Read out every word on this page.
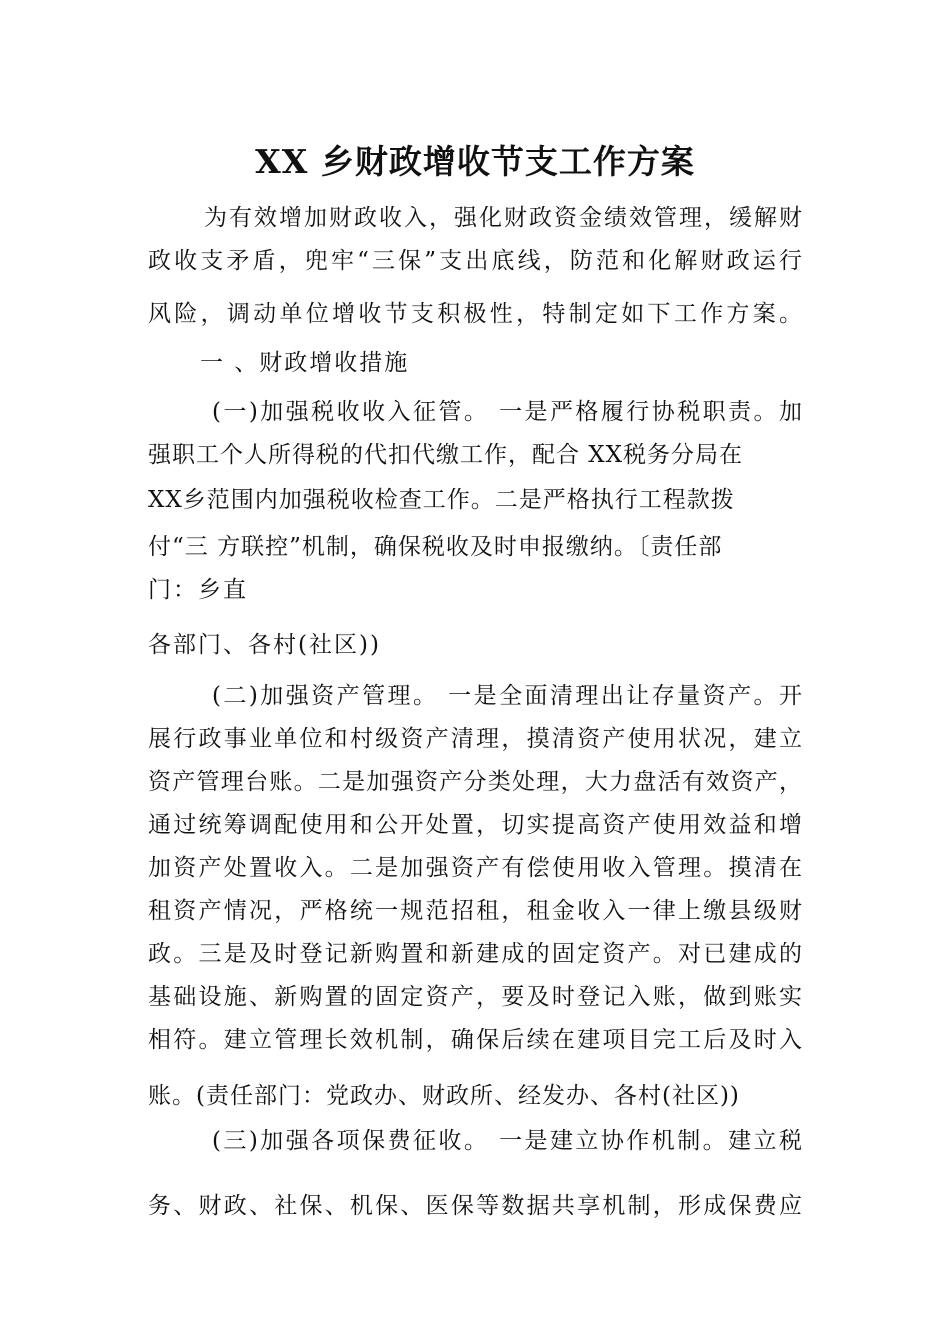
XX 乡财政增收节支工作方案
为有效增加财政收入，强化财政资金绩效管理，缓解财
政收支矛盾，兜牢“三保”支出底线，防范和化解财政运行
风险，调动单位增收节支积极性，特制定如下工作方案。
一 、财政增收措施
(一)加强税收收入征管。 一是严格履行协税职责。加
强职工个人所得税的代扣代缴工作，配合 XX税务分局在
XX乡范围内加强税收检查工作。二是严格执行工程款拨
付“三 方联控”机制，确保税收及时申报缴纳。〔责任部
门：乡直
各部门、各村(社区))
(二)加强资产管理。 一是全面清理出让存量资产。开
展行政事业单位和村级资产清理，摸清资产使用状况，建立
资产管理台账。二是加强资产分类处理，大力盘活有效资产，
通过统筹调配使用和公开处置，切实提高资产使用效益和增
加资产处置收入。二是加强资产有偿使用收入管理。摸清在
租资产情况，严格统一规范招租，租金收入一律上缴县级财
政。三是及时登记新购置和新建成的固定资产。对已建成的
基础设施、新购置的固定资产，要及时登记入账，做到账实
相符。建立管理长效机制，确保后续在建项目完工后及时入
账。(责任部门：党政办、财政所、经发办、各村(社区))
(三)加强各项保费征收。 一是建立协作机制。建立税
务、财政、社保、机保、医保等数据共享机制，形成保费应
